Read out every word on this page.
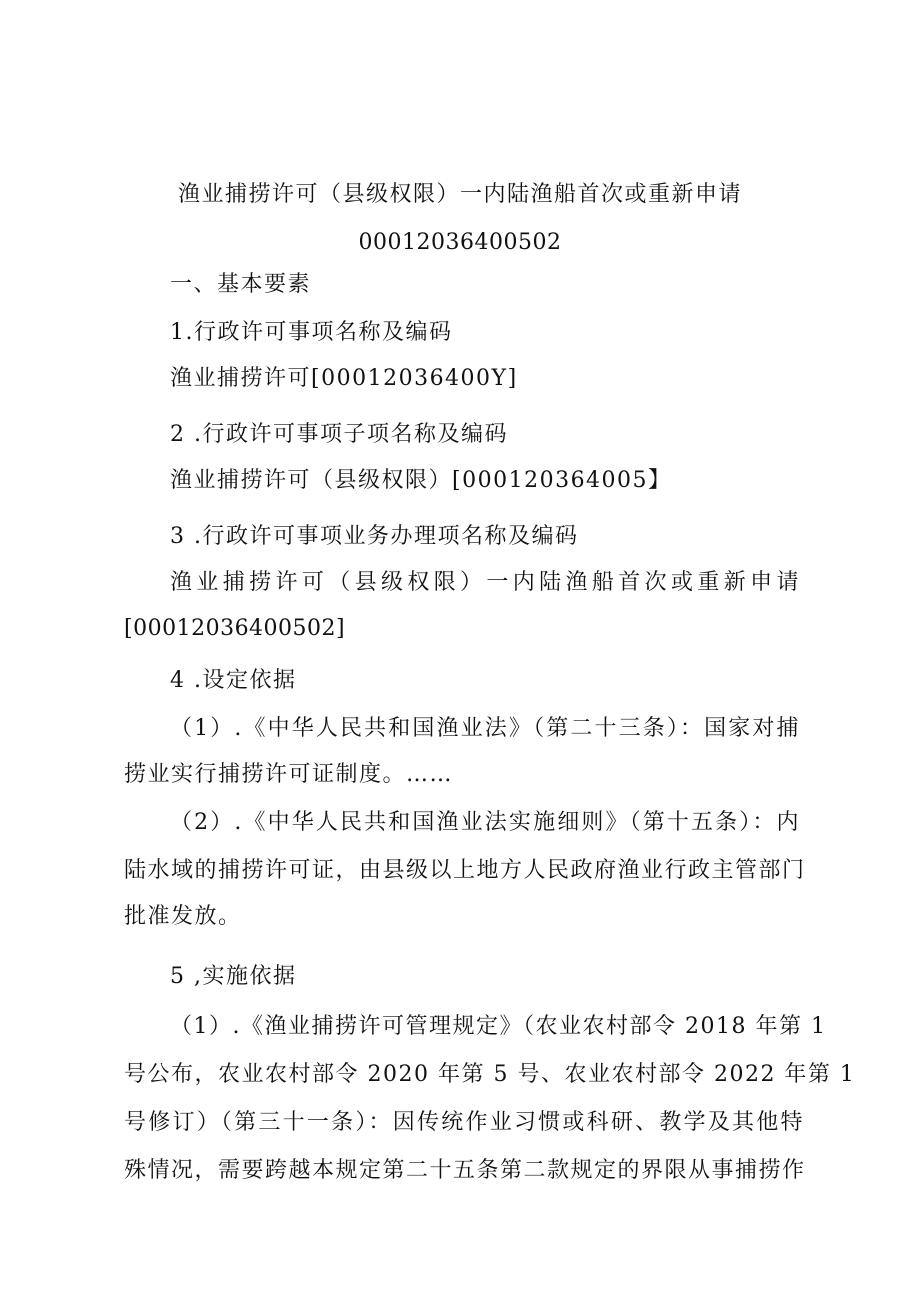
渔业捕捞许可（县级权限）一内陆渔船首次或重新申请
00012036400502
一、基本要素
1.行政许可事项名称及编码
渔业捕捞许可[00012036400Y]
2 .行政许可事项子项名称及编码
渔业捕捞许可（县级权限）[000120364005】
3 .行政许可事项业务办理项名称及编码
渔业捕捞许可（县级权限）一内陆渔船首次或重新申请
[00012036400502]
4 .设定依据
（1）.《中华人民共和国渔业法》（第二十三条）：国家对捕
捞业实行捕捞许可证制度。……
（2）.《中华人民共和国渔业法实施细则》（第十五条）：内
陆水域的捕捞许可证，由县级以上地方人民政府渔业行政主管部门
批准发放。
5 ,实施依据
（1）.《渔业捕捞许可管理规定》（农业农村部令 2018 年第 1
号公布，农业农村部令 2020 年第 5 号、农业农村部令 2022 年第 1
号修订）（第三十一条）：因传统作业习惯或科研、教学及其他特
殊情况，需要跨越本规定第二十五条第二款规定的界限从事捕捞作
